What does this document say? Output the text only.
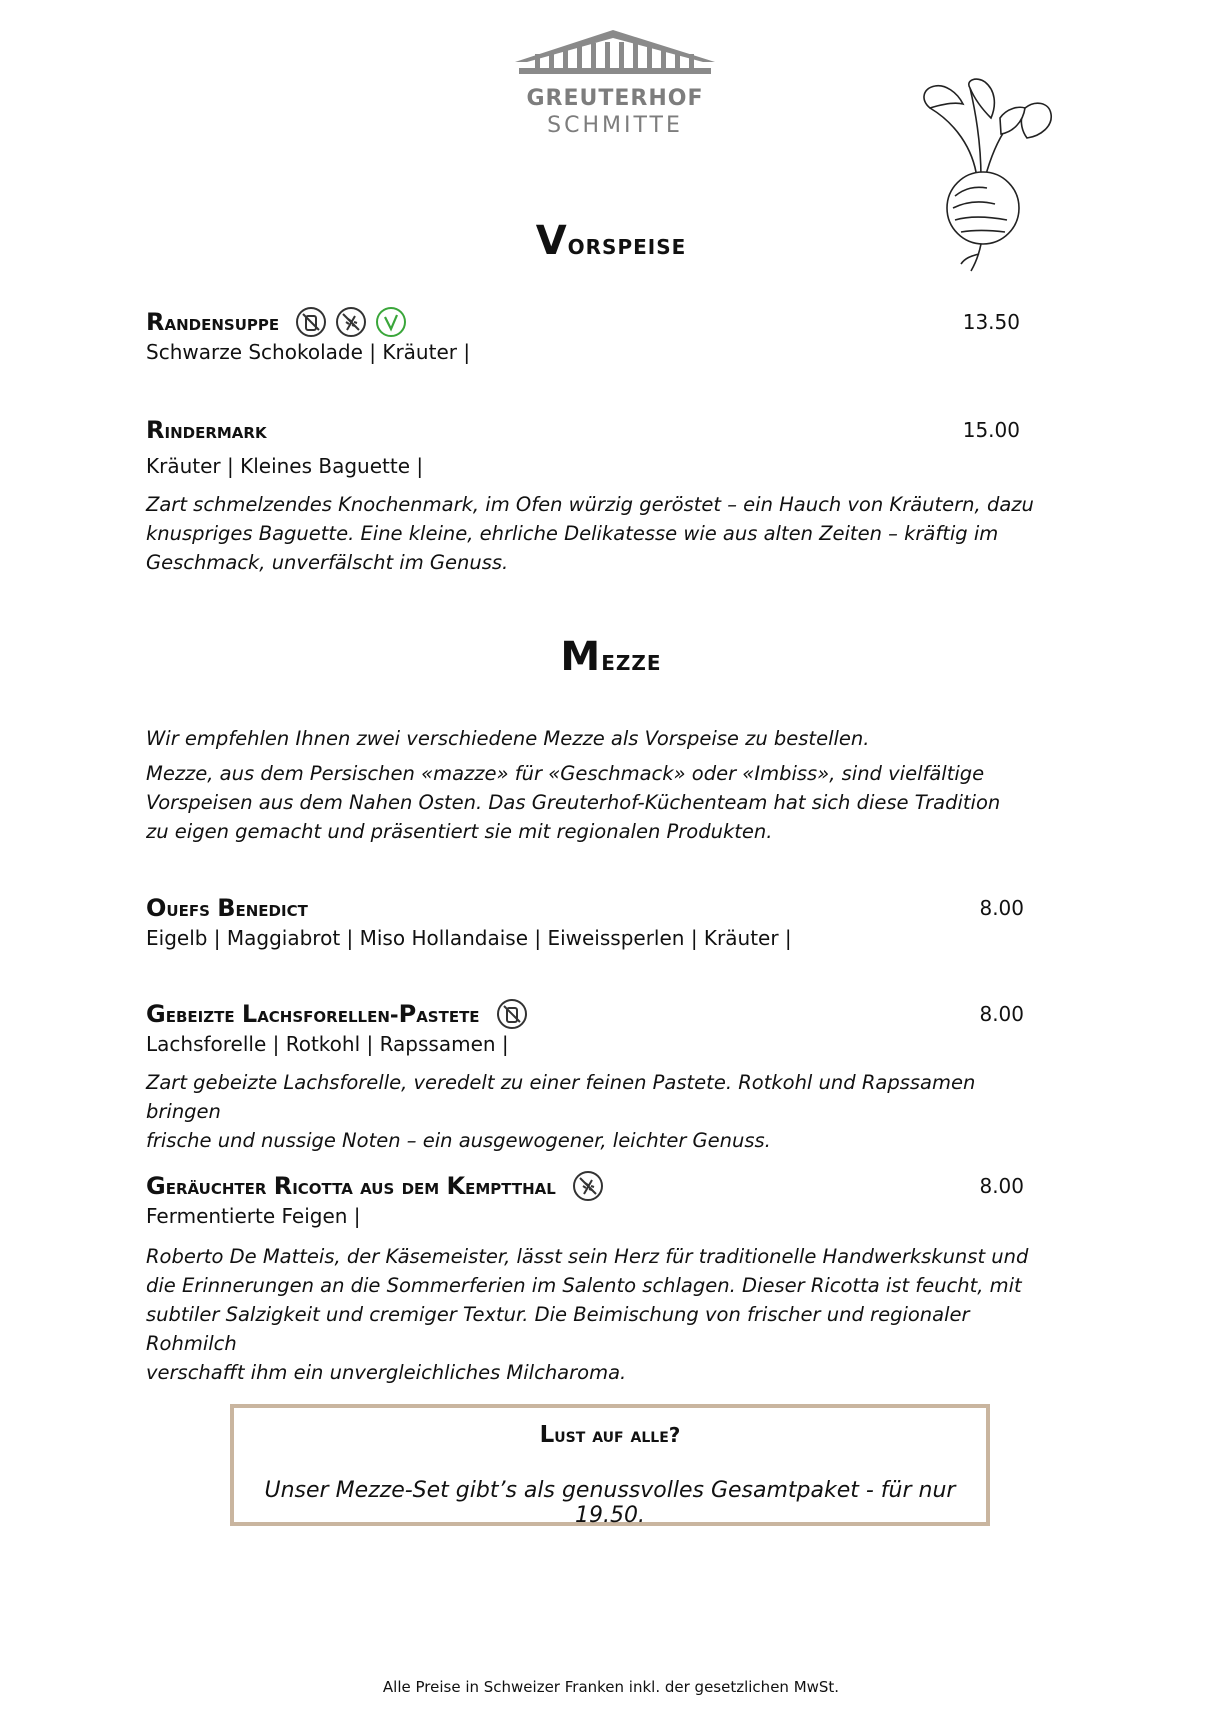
GREUTERHOF
SCHMITTE
Vorspeise
Randensuppe	13.50
Schwarze Schokolade | Kräuter |
Rindermark	15.00
Kräuter | Kleines Baguette |
Zart schmelzendes Knochenmark, im Ofen würzig geröstet – ein Hauch von Kräutern, dazu
knuspriges Baguette. Eine kleine, ehrliche Delikatesse wie aus alten Zeiten – kräftig im
Geschmack, unverfälscht im Genuss.
Mezze
Wir empfehlen Ihnen zwei verschiedene Mezze als Vorspeise zu bestellen.
Mezze, aus dem Persischen «mazze» für «Geschmack» oder «Imbiss», sind vielfältige
Vorspeisen aus dem Nahen Osten. Das Greuterhof-Küchenteam hat sich diese Tradition
zu eigen gemacht und präsentiert sie mit regionalen Produkten.
Ouefs Benedict	8.00
Eigelb | Maggiabrot | Miso Hollandaise | Eiweissperlen | Kräuter |
Gebeizte Lachsforellen-Pastete	8.00
Lachsforelle | Rotkohl | Rapssamen |
Zart gebeizte Lachsforelle, veredelt zu einer feinen Pastete. Rotkohl und Rapssamen bringen
frische und nussige Noten – ein ausgewogener, leichter Genuss.
Geräuchter Ricotta aus dem Kemptthal	8.00
Fermentierte Feigen |
Roberto De Matteis, der Käsemeister, lässt sein Herz für traditionelle Handwerkskunst und
die Erinnerungen an die Sommerferien im Salento schlagen. Dieser Ricotta ist feucht, mit
subtiler Salzigkeit und cremiger Textur. Die Beimischung von frischer und regionaler Rohmilch
verschafft ihm ein unvergleichliches Milcharoma.
Lust auf alle?
Unser Mezze-Set gibt’s als genussvolles Gesamtpaket - für nur 19.50.
Alle Preise in Schweizer Franken inkl. der gesetzlichen MwSt.
